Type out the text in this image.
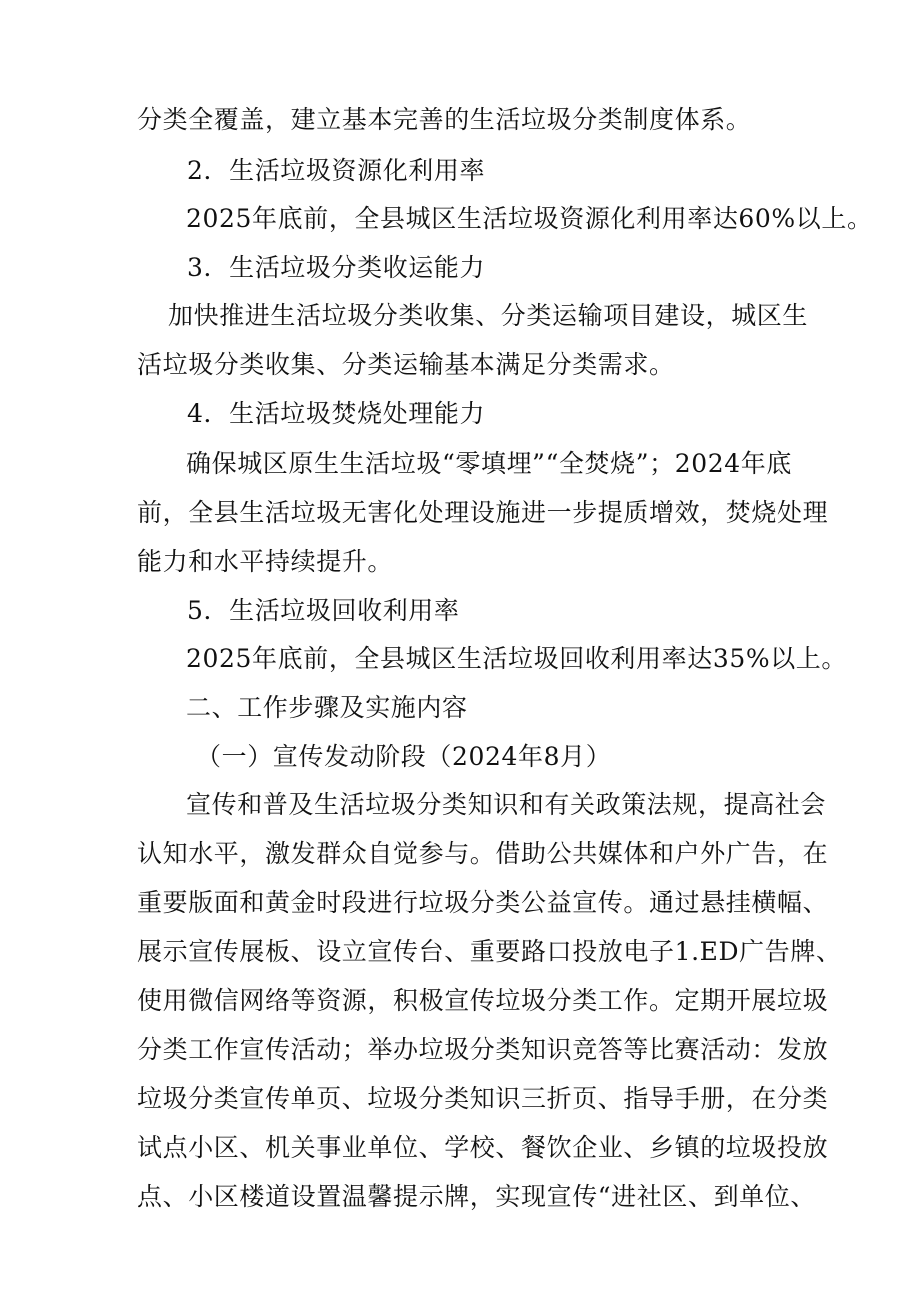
分类全覆盖，建立基本完善的生活垃圾分类制度体系。
2．生活垃圾资源化利用率
2025年底前，全县城区生活垃圾资源化利用率达60%以上。
3．生活垃圾分类收运能力
加快推进生活垃圾分类收集、分类运输项目建设，城区生
活垃圾分类收集、分类运输基本满足分类需求。
4．生活垃圾焚烧处理能力
确保城区原生生活垃圾“零填埋”“全焚烧”；2024年底
前，全县生活垃圾无害化处理设施进一步提质增效，焚烧处理
能力和水平持续提升。
5．生活垃圾回收利用率
2025年底前，全县城区生活垃圾回收利用率达35%以上。
二、工作步骤及实施内容
（一）宣传发动阶段（2024年8月）
宣传和普及生活垃圾分类知识和有关政策法规，提高社会
认知水平，激发群众自觉参与。借助公共媒体和户外广告，在
重要版面和黄金时段进行垃圾分类公益宣传。通过悬挂横幅、
展示宣传展板、设立宣传台、重要路口投放电子1.ED广告牌、
使用微信网络等资源，积极宣传垃圾分类工作。定期开展垃圾
分类工作宣传活动；举办垃圾分类知识竞答等比赛活动：发放
垃圾分类宣传单页、垃圾分类知识三折页、指导手册，在分类
试点小区、机关事业单位、学校、餐饮企业、乡镇的垃圾投放
点、小区楼道设置温馨提示牌，实现宣传“进社区、到单位、
